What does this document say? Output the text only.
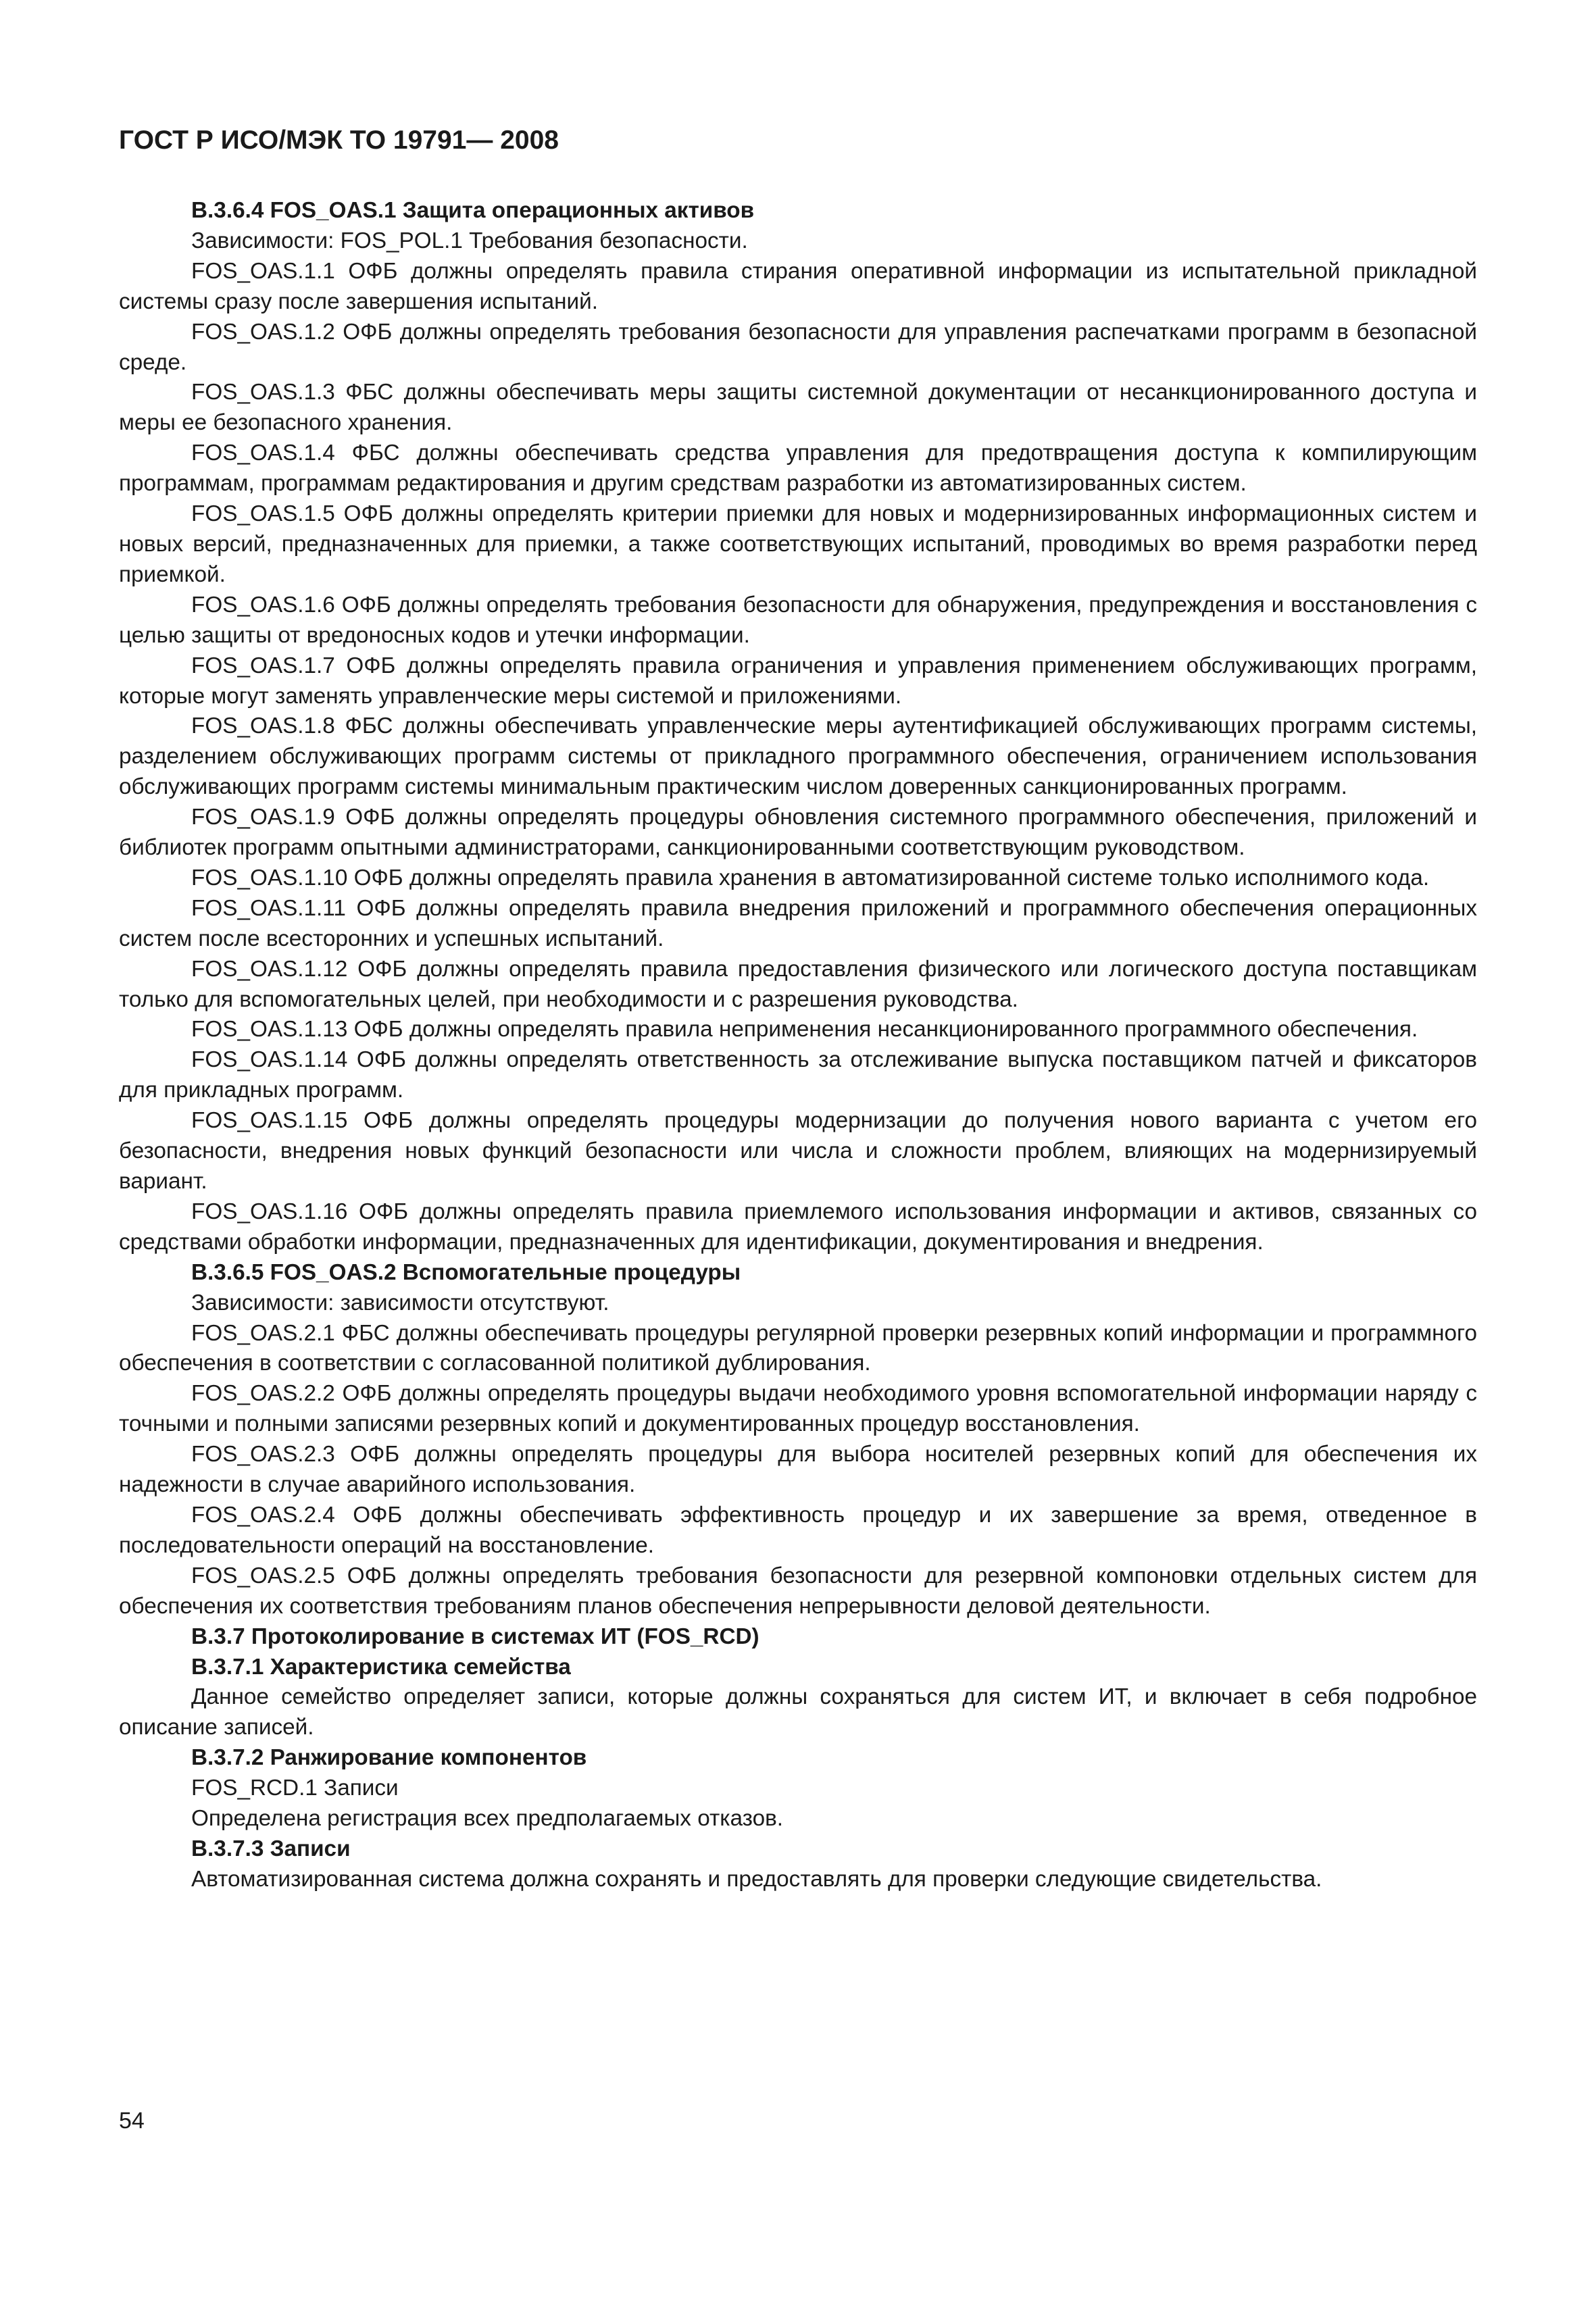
ГОСТ Р ИСО/МЭК ТО 19791— 2008

B.3.6.4 FOS_OAS.1 Защита операционных активов

Зависимости: FOS_POL.1 Требования безопасности.

FOS_OAS.1.1 ОФБ должны определять правила стирания оперативной информации из испытательной прикладной системы сразу после завершения испытаний.

FOS_OAS.1.2 ОФБ должны определять требования безопасности для управления распечатками программ в безопасной среде.

FOS_OAS.1.3 ФБС должны обеспечивать меры защиты системной документации от несанкционированного доступа и меры ее безопасного хранения.

FOS_OAS.1.4 ФБС должны обеспечивать средства управления для предотвращения доступа к компилирующим программам, программам редактирования и другим средствам разработки из автоматизированных систем.

FOS_OAS.1.5 ОФБ должны определять критерии приемки для новых и модернизированных информационных систем и новых версий, предназначенных для приемки, а также соответствующих испытаний, проводимых во время разработки перед приемкой.

FOS_OAS.1.6 ОФБ должны определять требования безопасности для обнаружения, предупреждения и восстановления с целью защиты от вредоносных кодов и утечки информации.

FOS_OAS.1.7 ОФБ должны определять правила ограничения и управления применением обслуживающих программ, которые могут заменять управленческие меры системой и приложениями.

FOS_OAS.1.8 ФБС должны обеспечивать управленческие меры аутентификацией обслуживающих программ системы, разделением обслуживающих программ системы от прикладного программного обеспечения, ограничением использования обслуживающих программ системы минимальным практическим числом доверенных санкционированных программ.

FOS_OAS.1.9 ОФБ должны определять процедуры обновления системного программного обеспечения, приложений и библиотек программ опытными администраторами, санкционированными соответствующим руководством.

FOS_OAS.1.10 ОФБ должны определять правила хранения в автоматизированной системе только исполнимого кода.

FOS_OAS.1.11 ОФБ должны определять правила внедрения приложений и программного обеспечения операционных систем после всесторонних и успешных испытаний.

FOS_OAS.1.12 ОФБ должны определять правила предоставления физического или логического доступа поставщикам только для вспомогательных целей, при необходимости и с разрешения руководства.

FOS_OAS.1.13 ОФБ должны определять правила неприменения несанкционированного программного обеспечения.

FOS_OAS.1.14 ОФБ должны определять ответственность за отслеживание выпуска поставщиком патчей и фиксаторов для прикладных программ.

FOS_OAS.1.15 ОФБ должны определять процедуры модернизации до получения нового варианта с учетом его безопасности, внедрения новых функций безопасности или числа и сложности проблем, влияющих на модернизируемый вариант.

FOS_OAS.1.16 ОФБ должны определять правила приемлемого использования информации и активов, связанных со средствами обработки информации, предназначенных для идентификации, документирования и внедрения.

B.3.6.5 FOS_OAS.2 Вспомогательные процедуры

Зависимости: зависимости отсутствуют.

FOS_OAS.2.1 ФБС должны обеспечивать процедуры регулярной проверки резервных копий информации и программного обеспечения в соответствии с согласованной политикой дублирования.

FOS_OAS.2.2 ОФБ должны определять процедуры выдачи необходимого уровня вспомогательной информации наряду с точными и полными записями резервных копий и документированных процедур восстановления.

FOS_OAS.2.3 ОФБ должны определять процедуры для выбора носителей резервных копий для обеспечения их надежности в случае аварийного использования.

FOS_OAS.2.4 ОФБ должны обеспечивать эффективность процедур и их завершение за время, отведенное в последовательности операций на восстановление.

FOS_OAS.2.5 ОФБ должны определять требования безопасности для резервной компоновки отдельных систем для обеспечения их соответствия требованиям планов обеспечения непрерывности деловой деятельности.

B.3.7 Протоколирование в системах ИТ (FOS_RCD)

B.3.7.1 Характеристика семейства

Данное семейство определяет записи, которые должны сохраняться для систем ИТ, и включает в себя подробное описание записей.

B.3.7.2 Ранжирование компонентов

FOS_RCD.1 Записи

Определена регистрация всех предполагаемых отказов.

B.3.7.3 Записи

Автоматизированная система должна сохранять и предоставлять для проверки следующие свидетельства.

54
